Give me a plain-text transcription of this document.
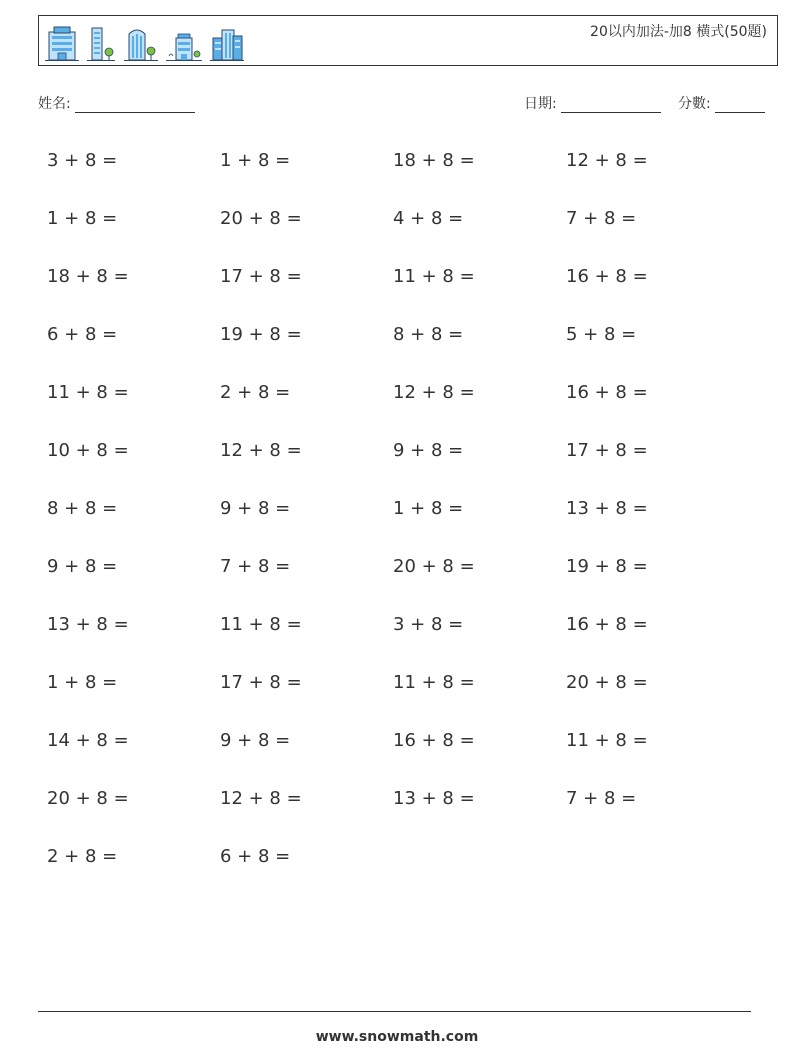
20以内加法-加8 横式(50題)
姓名:	日期:	分數:
3 + 8 =	1 + 8 =	18 + 8 =	12 + 8 =
1 + 8 =	20 + 8 =	4 + 8 =	7 + 8 =
18 + 8 =	17 + 8 =	11 + 8 =	16 + 8 =
6 + 8 =	19 + 8 =	8 + 8 =	5 + 8 =
11 + 8 =	2 + 8 =	12 + 8 =	16 + 8 =
10 + 8 =	12 + 8 =	9 + 8 =	17 + 8 =
8 + 8 =	9 + 8 =	1 + 8 =	13 + 8 =
9 + 8 =	7 + 8 =	20 + 8 =	19 + 8 =
13 + 8 =	11 + 8 =	3 + 8 =	16 + 8 =
1 + 8 =	17 + 8 =	11 + 8 =	20 + 8 =
14 + 8 =	9 + 8 =	16 + 8 =	11 + 8 =
20 + 8 =	12 + 8 =	13 + 8 =	7 + 8 =
2 + 8 =	6 + 8 =
www.snowmath.com
